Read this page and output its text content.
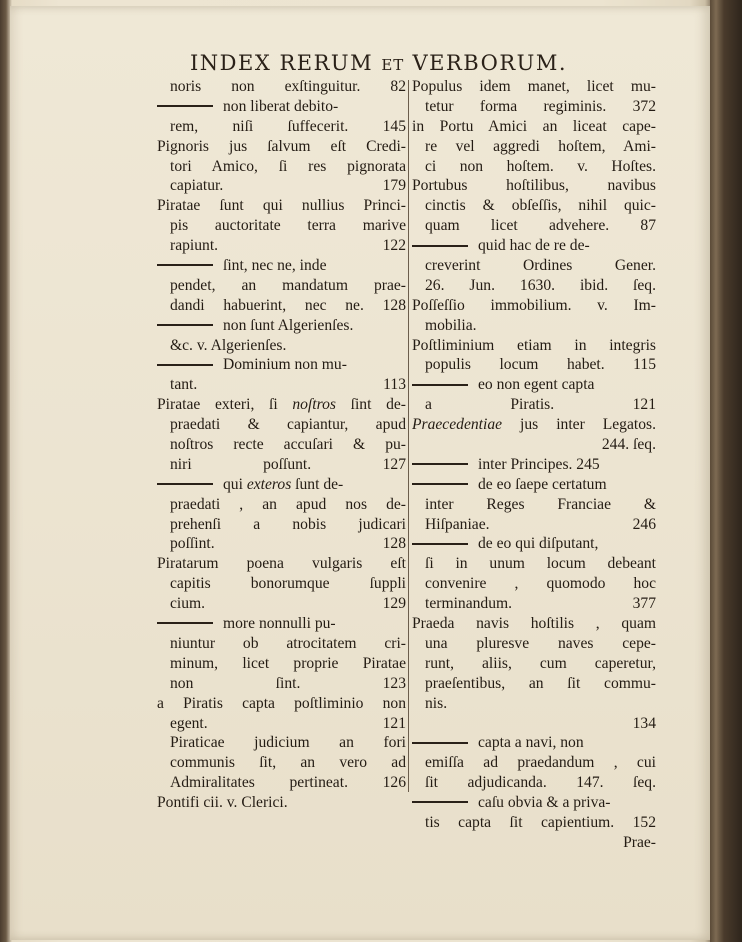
INDEX RERUM ET VERBORUM.
noris non exſtinguitur. 82
non liberat debito-
rem, niſi ſuffecerit. 145
Pignoris jus ſalvum eſt Credi-
tori Amico, ſi res pignorata
capiatur. 179
Piratae ſunt qui nullius Princi-
pis auctoritate terra marive
rapiunt. 122
ſint, nec ne, inde
pendet, an mandatum prae-
dandi habuerint, nec ne. 128
non ſunt Algerienſes.
&c. v. Algerienſes.
Dominium non mu-
tant. 113
Piratae exteri, ſi noſtros ſint de-
praedati & capiantur, apud
noſtros recte accuſari & pu-
niri poſſunt. 127
qui exteros ſunt de-
praedati , an apud nos de-
prehenſi a nobis judicari
poſſint. 128
Piratarum poena vulgaris eſt
capitis bonorumque ſuppli
cium. 129
more nonnulli pu-
niuntur ob atrocitatem cri-
minum, licet proprie Piratae
non ſint. 123
a Piratis capta poſtliminio non
egent. 121
Piraticae judicium an fori
communis ſit, an vero ad
Admiralitates pertineat. 126
Pontifi cii. v. Clerici.
Populus idem manet, licet mu-
tetur forma regiminis. 372
in Portu Amici an liceat cape-
re vel aggredi hoſtem, Ami-
ci non hoſtem. v. Hoſtes.
Portubus hoſtilibus, navibus
cinctis & obſeſſis, nihil quic-
quam licet advehere. 87
quid hac de re de-
creverint Ordines Gener.
26. Jun. 1630. ibid. ſeq.
Poſſeſſio immobilium. v. Im-
mobilia.
Poſtliminium etiam in integris
populis locum habet. 115
eo non egent capta
a Piratis. 121
Praecedentiae jus inter Legatos.
244. ſeq.
inter Principes. 245
de eo ſaepe certatum
inter Reges Franciae &
Hiſpaniae. 246
de eo qui diſputant,
ſi in unum locum debeant
convenire , quomodo hoc
terminandum. 377
Praeda navis hoſtilis , quam
una pluresve naves cepe-
runt, aliis, cum caperetur,
praeſentibus, an ſit commu-
nis.
134
capta a navi, non
emiſſa ad praedandum , cui
ſit adjudicanda. 147. ſeq.
caſu obvia & a priva-
tis capta ſit capientium. 152
Prae-
